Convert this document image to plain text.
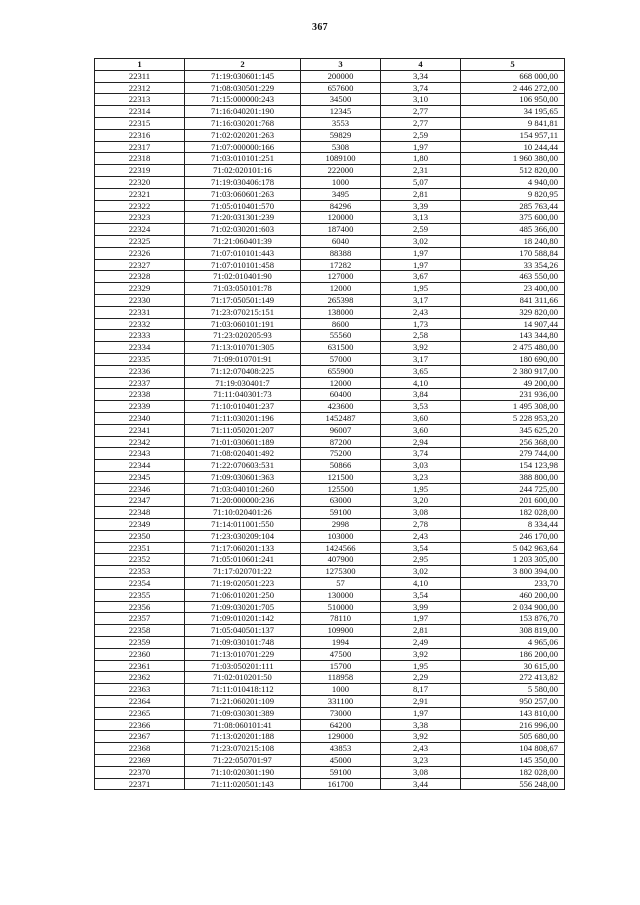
367
1	2	3	4	5
22311	71:19:030601:145	200000	3,34	668 000,00
22312	71:08:030501:229	657600	3,74	2 446 272,00
22313	71:15:000000:243	34500	3,10	106 950,00
22314	71:16:040201:190	12345	2,77	34 195,65
22315	71:16:030201:768	3553	2,77	9 841,81
22316	71:02:020201:263	59829	2,59	154 957,11
22317	71:07:000000:166	5308	1,97	10 244,44
22318	71:03:010101:251	1089100	1,80	1 960 380,00
22319	71:02:020101:16	222000	2,31	512 820,00
22320	71:19:030406:178	1000	5,07	4 940,00
22321	71:03:060601:263	3495	2,81	9 820,95
22322	71:05:010401:570	84296	3,39	285 763,44
22323	71:20:031301:239	120000	3,13	375 600,00
22324	71:02:030201:603	187400	2,59	485 366,00
22325	71:21:060401:39	6040	3,02	18 240,80
22326	71:07:010101:443	88388	1,97	170 588,84
22327	71:07:010101:458	17282	1,97	33 354,26
22328	71:02:010401:90	127000	3,67	463 550,00
22329	71:03:050101:78	12000	1,95	23 400,00
22330	71:17:050501:149	265398	3,17	841 311,66
22331	71:23:070215:151	138000	2,43	329 820,00
22332	71:03:060101:191	8600	1,73	14 907,44
22333	71:23:020205:93	55560	2,58	143 344,80
22334	71:13:010701:305	631500	3,92	2 475 480,00
22335	71:09:010701:91	57000	3,17	180 690,00
22336	71:12:070408:225	655900	3,65	2 380 917,00
22337	71:19:030401:7	12000	4,10	49 200,00
22338	71:11:040301:73	60400	3,84	231 936,00
22339	71:10:010401:237	423600	3,53	1 495 308,00
22340	71:11:030201:196	1452487	3,60	5 228 953,20
22341	71:11:050201:207	96007	3,60	345 625,20
22342	71:01:030601:189	87200	2,94	256 368,00
22343	71:08:020401:492	75200	3,74	279 744,00
22344	71:22:070603:531	50866	3,03	154 123,98
22345	71:09:030601:363	121500	3,23	388 800,00
22346	71:03:040101:260	125500	1,95	244 725,00
22347	71:20:000000:236	63000	3,20	201 600,00
22348	71:10:020401:26	59100	3,08	182 028,00
22349	71:14:011001:550	2998	2,78	8 334,44
22350	71:23:030209:104	103000	2,43	246 170,00
22351	71:17:060201:133	1424566	3,54	5 042 963,64
22352	71:05:010601:241	407900	2,95	1 203 305,00
22353	71:17:020701:22	1275300	3,02	3 800 394,00
22354	71:19:020501:223	57	4,10	233,70
22355	71:06:010201:250	130000	3,54	460 200,00
22356	71:09:030201:705	510000	3,99	2 034 900,00
22357	71:09:010201:142	78110	1,97	153 876,70
22358	71:05:040501:137	109900	2,81	308 819,00
22359	71:09:030101:748	1994	2,49	4 965,06
22360	71:13:010701:229	47500	3,92	186 200,00
22361	71:03:050201:111	15700	1,95	30 615,00
22362	71:02:010201:50	118958	2,29	272 413,82
22363	71:11:010418:112	1000	8,17	5 580,00
22364	71:21:060201:109	331100	2,91	950 257,00
22365	71:09:030301:389	73000	1,97	143 810,00
22366	71:08:060101:41	64200	3,38	216 996,00
22367	71:13:020201:188	129000	3,92	505 680,00
22368	71:23:070215:108	43853	2,43	104 808,67
22369	71:22:050701:97	45000	3,23	145 350,00
22370	71:10:020301:190	59100	3,08	182 028,00
22371	71:11:020501:143	161700	3,44	556 248,00
